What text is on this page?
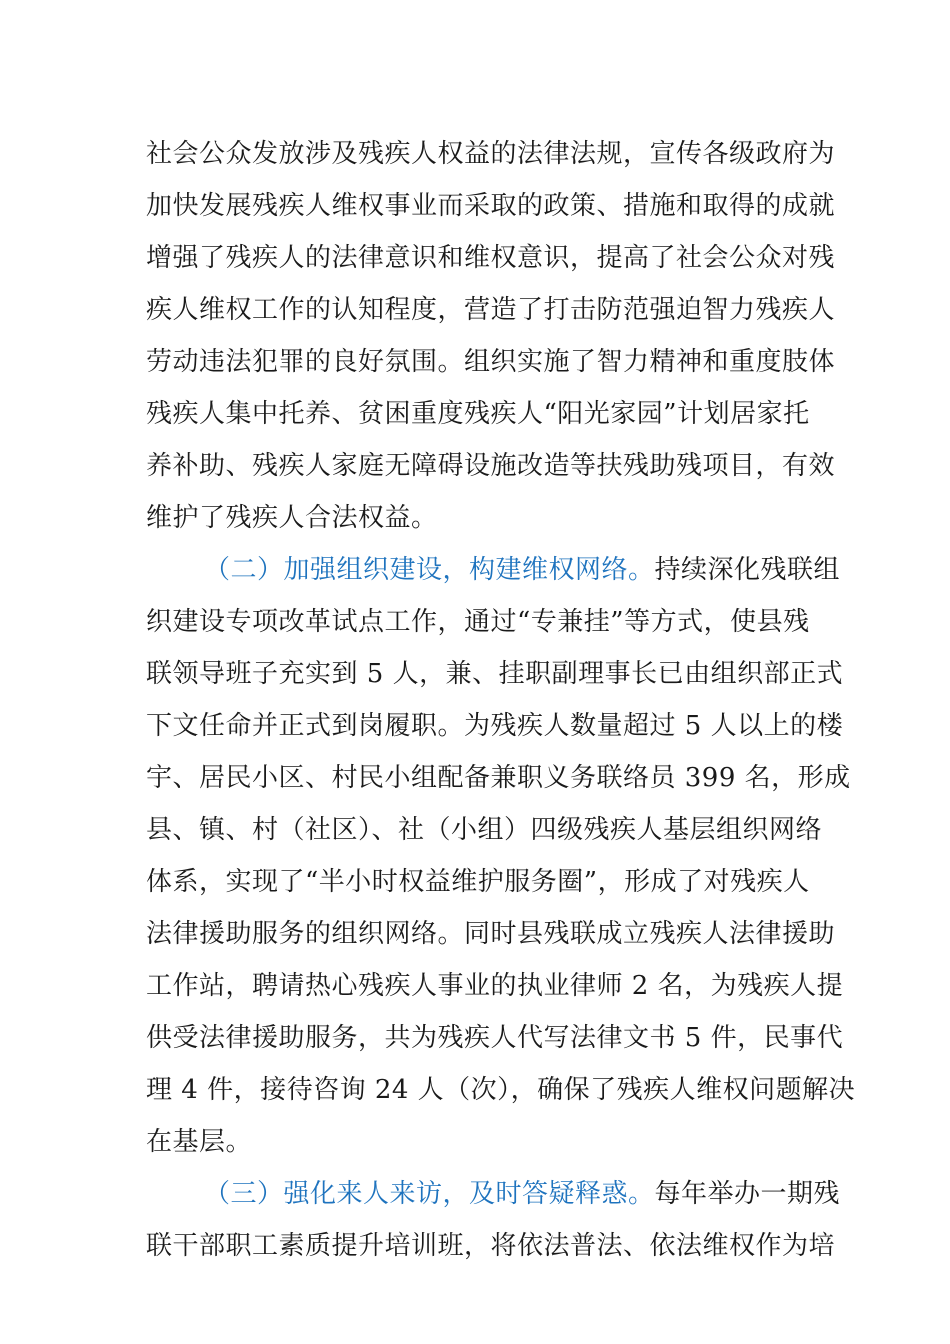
社会公众发放涉及残疾人权益的法律法规，宣传各级政府为
加快发展残疾人维权事业而采取的政策、措施和取得的成就
增强了残疾人的法律意识和维权意识，提高了社会公众对残
疾人维权工作的认知程度，营造了打击防范强迫智力残疾人
劳动违法犯罪的良好氛围。组织实施了智力精神和重度肢体
残疾人集中托养、贫困重度残疾人“阳光家园”计划居家托
养补助、残疾人家庭无障碍设施改造等扶残助残项目，有效
维护了残疾人合法权益。
（二）加强组织建设，构建维权网络。 持续深化残联组
织建设专项改革试点工作，通过“专兼挂”等方式，使县残
联领导班子充实到 5 人，兼、挂职副理事长已由组织部正式
下文任命并正式到岗履职。为残疾人数量超过 5 人以上的楼
宇、居民小区、村民小组配备兼职义务联络员 399 名，形成
县、镇、村（社区）、社（小组）四级残疾人基层组织网络
体系，实现了“半小时权益维护服务圈”，形成了对残疾人
法律援助服务的组织网络。同时县残联成立残疾人法律援助
工作站，聘请热心残疾人事业的执业律师 2 名，为残疾人提
供受法律援助服务，共为残疾人代写法律文书 5 件，民事代
理 4 件，接待咨询 24 人（次），确保了残疾人维权问题解决
在基层。
（三）强化来人来访，及时答疑释惑。 每年举办一期残
联干部职工素质提升培训班，将依法普法、依法维权作为培
